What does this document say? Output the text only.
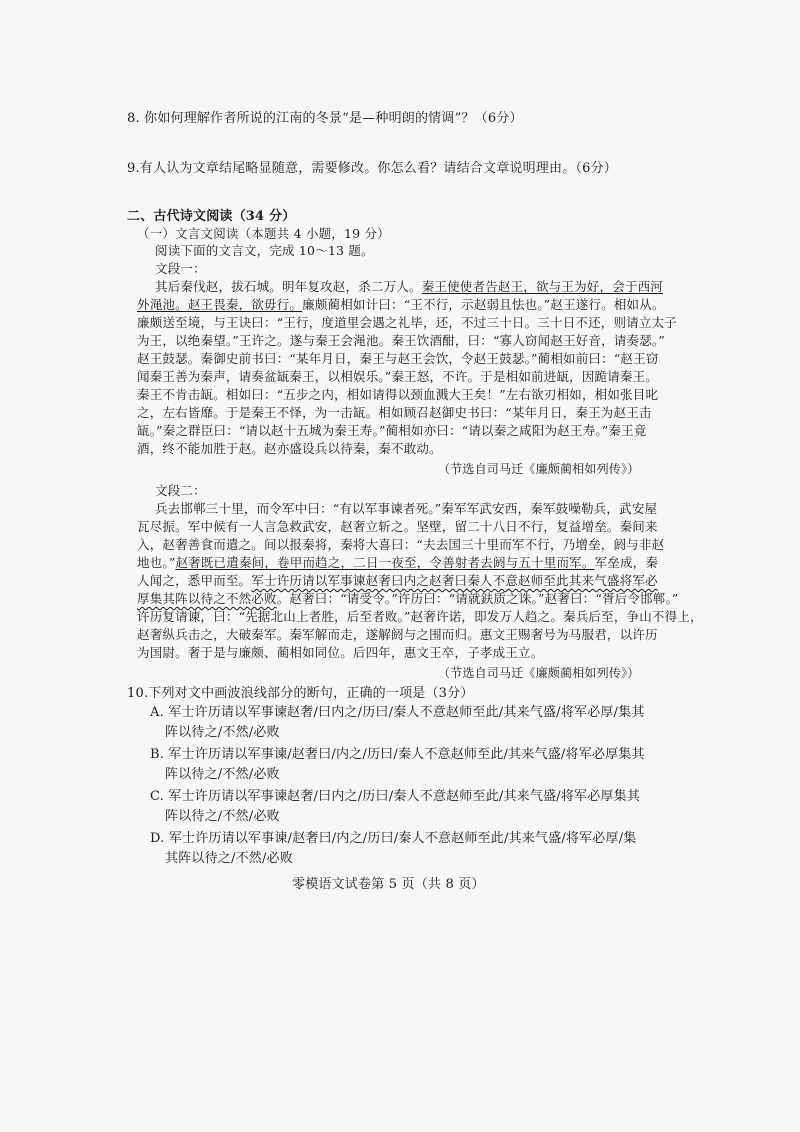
8. 你如何理解作者所说的江南的冬景“是—种明朗的情调”？（6分）
9.有人认为文章结尾略显随意，需要修改。你怎么看？请结合文章说明理由。（6分）
二、古代诗文阅读（34 分）
（一）文言文阅读（本题共 4 小题，19 分）
阅读下面的文言文，完成 10～13 题。
文段一：
其后秦伐赵，拔石城。明年复攻赵，杀二万人。秦王使使者告赵王，欲与王为好，会于西河
外渑池。赵王畏秦，欲毋行。廉颇蔺相如计曰：“王不行，示赵弱且怯也。”赵王遂行。相如从。
廉颇送至境，与王诀曰：“王行，度道里会遇之礼毕，还，不过三十日。三十日不还，则请立太子
为王，以绝秦望。”王许之。遂与秦王会渑池。秦王饮酒酣，曰：“寡人窃闻赵王好音，请奏瑟。”
赵王鼓瑟。秦御史前书曰：“某年月日，秦王与赵王会饮，令赵王鼓瑟。”蔺相如前曰：“赵王窃
闻秦王善为秦声，请奏盆缻秦王，以相娱乐。”秦王怒，不许。于是相如前进缻，因跪请秦王。
秦王不肯击缻。相如曰：“五步之内，相如请得以颈血溅大王矣！”左右欲刃相如，相如张目叱
之，左右皆靡。于是秦王不怿，为一击缻。相如顾召赵御史书曰：“某年月日，秦王为赵王击
缻。”秦之群臣曰：“请以赵十五城为秦王寿。”蔺相如亦曰：“请以秦之咸阳为赵王寿。”秦王竟
酒，终不能加胜于赵。赵亦盛设兵以待秦，秦不敢动。
（节选自司马迁《廉颇蔺相如列传》）
文段二：
兵去邯郸三十里，而令军中曰：“有以军事谏者死。”秦军军武安西，秦军鼓噪勒兵，武安屋
瓦尽振。军中候有一人言急救武安，赵奢立斩之。坚壁，留二十八日不行，复益增垒。秦间来
入，赵奢善食而遣之。间以报秦将，秦将大喜曰：“夫去国三十里而军不行，乃增垒，阏与非赵
地也。”赵奢既已遣秦间，卷甲而趋之，二日一夜至，令善射者去阏与五十里而军。军垒成，秦
人闻之，悉甲而至。军士许历请以军事谏赵奢曰内之赵奢曰秦人不意赵师至此其来气盛将军必
厚集其阵以待之不然必败。赵奢曰：“请受令。”许历曰：“请就鈇质之诛。”赵奢曰：“胥后令邯郸。”
许历复请谏，曰：“先据北山上者胜，后至者败。”赵奢许诺，即发万人趋之。秦兵后至，争山不得上，
赵奢纵兵击之，大破秦军。秦军解而走，遂解阏与之围而归。惠文王赐奢号为马服君，以许历
为国尉。奢于是与廉颇、蔺相如同位。后四年，惠文王卒，子孝成王立。
（节选自司马迁《廉颇蔺相如列传》）
10.下列对文中画波浪线部分的断句，正确的一项是（3分）
A. 军士许历请以军事谏赵奢/曰内之/历曰/秦人不意赵师至此/其来气盛/将军必厚/集其
阵以待之/不然/必败
B. 军士许历请以军事谏/赵奢曰/内之/历曰/秦人不意赵师至此/其来气盛/将军必厚集其
阵以待之/不然/必败
C. 军士许历请以军事谏赵奢/曰内之/历曰/秦人不意赵师至此/其来气盛/将军必厚集其
阵以待之/不然/必败
D. 军士许历请以军事谏/赵奢曰/内之/历曰/秦人不意赵师至此/其来气盛/将军必厚/集
其阵以待之/不然/必败
零模语文试卷第 5 页（共 8 页）
